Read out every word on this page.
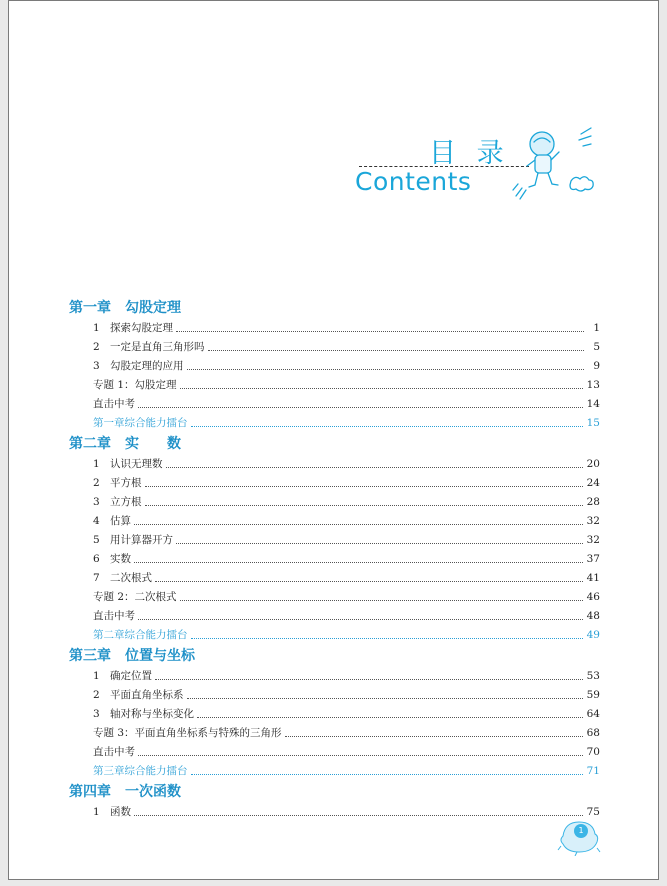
目 录
Contents
第一章　勾股定理
1 探索勾股定理	1
2 一定是直角三角形吗	5
3 勾股定理的应用	9
专题 1：勾股定理	13
直击中考	14
第一章综合能力擂台	15
第二章　实　　数
1 认识无理数	20
2 平方根	24
3 立方根	28
4 估算	32
5 用计算器开方	32
6 实数	37
7 二次根式	41
专题 2：二次根式	46
直击中考	48
第二章综合能力擂台	49
第三章　位置与坐标
1 确定位置	53
2 平面直角坐标系	59
3 轴对称与坐标变化	64
专题 3：平面直角坐标系与特殊的三角形	68
直击中考	70
第三章综合能力擂台	71
第四章　一次函数
1 函数	75
1
